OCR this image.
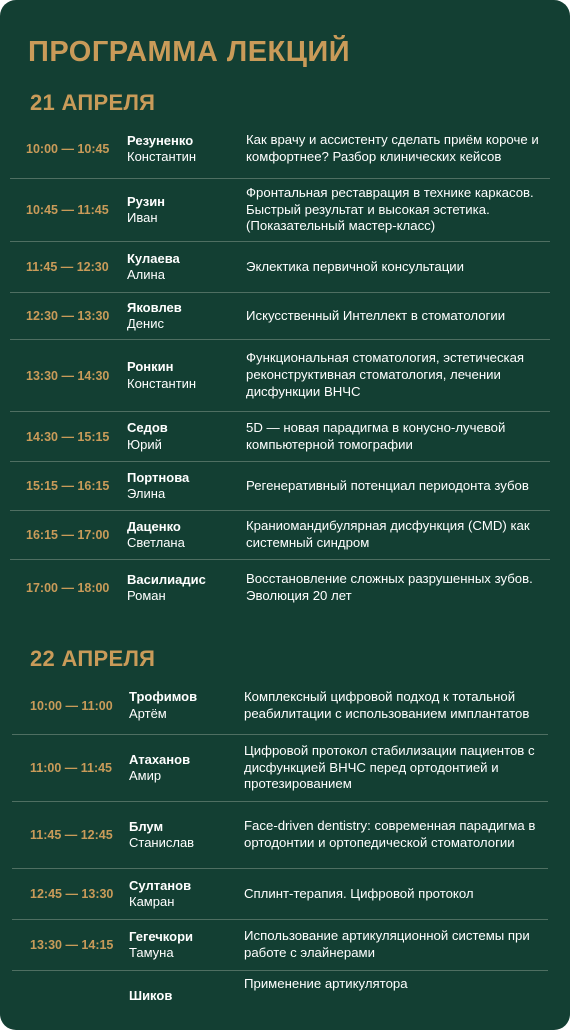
ПРОГРАММА ЛЕКЦИЙ
21 АПРЕЛЯ
10:00 — 10:45
Резуненко
Константин
Как врачу и ассистенту сделать приём короче и комфортнее? Разбор клинических кейсов
10:45 — 11:45
Рузин
Иван
Фронтальная реставрация в технике каркасов. Быстрый результат и высокая эстетика. (Показательный мастер-класс)
11:45 — 12:30
Кулаева
Алина
Эклектика первичной консультации
12:30 — 13:30
Яковлев
Денис
Искусственный Интеллект в стоматологии
13:30 — 14:30
Ронкин
Константин
Функциональная стоматология, эстетическая реконструктивная стоматология, лечении дисфункции ВНЧС
14:30 — 15:15
Седов
Юрий
5D — новая парадигма в конусно-лучевой компьютерной томографии
15:15 — 16:15
Портнова
Элина
Регенеративный потенциал периодонта зубов
16:15 — 17:00
Даценко
Светлана
Краниомандибулярная дисфункция (CMD) как системный синдром
17:00 — 18:00
Василиадис
Роман
Восстановление сложных разрушенных зубов. Эволюция 20 лет
22 АПРЕЛЯ
10:00 — 11:00
Трофимов
Артём
Комплексный цифровой подход к тотальной реабилитации с использованием имплантатов
11:00 — 11:45
Атаханов
Амир
Цифровой протокол стабилизации пациентов с дисфункцией ВНЧС перед ортодонтией и протезированием
11:45 — 12:45
Блум
Станислав
Face-driven dentistry: современная парадигма в ортодонтии и ортопедической стоматологии
12:45 — 13:30
Султанов
Камран
Сплинт-терапия. Цифровой протокол
13:30 — 14:15
Гегечкори
Тамуна
Использование артикуляционной системы при работе с элайнерами
Шиков
Применение артикулятора
